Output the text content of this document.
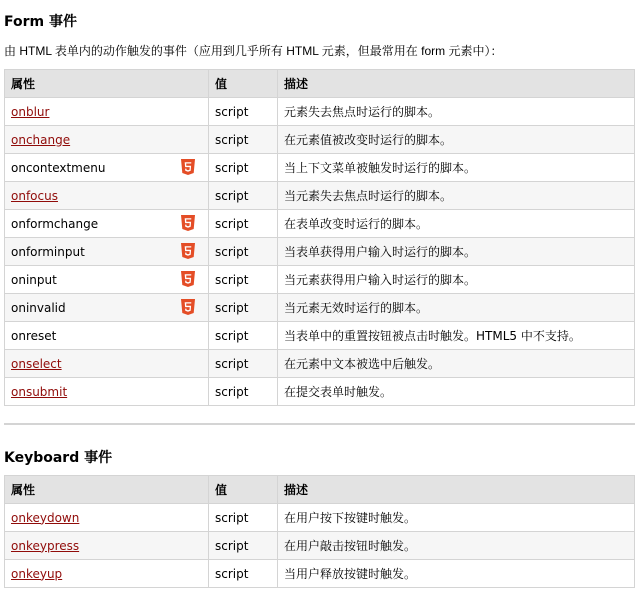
Form 事件

由 HTML 表单内的动作触发的事件（应用到几乎所有 HTML 元素，但最常用在 form 元素中）：

属性	值	描述
onblur	script	元素失去焦点时运行的脚本。
onchange	script	在元素值被改变时运行的脚本。
oncontextmenu	script	当上下文菜单被触发时运行的脚本。
onfocus	script	当元素失去焦点时运行的脚本。
onformchange	script	在表单改变时运行的脚本。
onforminput	script	当表单获得用户输入时运行的脚本。
oninput	script	当元素获得用户输入时运行的脚本。
oninvalid	script	当元素无效时运行的脚本。
onreset	script	当表单中的重置按钮被点击时触发。HTML5 中不支持。
onselect	script	在元素中文本被选中后触发。
onsubmit	script	在提交表单时触发。
Keyboard 事件
属性	值	描述
onkeydown	script	在用户按下按键时触发。
onkeypress	script	在用户敲击按钮时触发。
onkeyup	script	当用户释放按键时触发。
